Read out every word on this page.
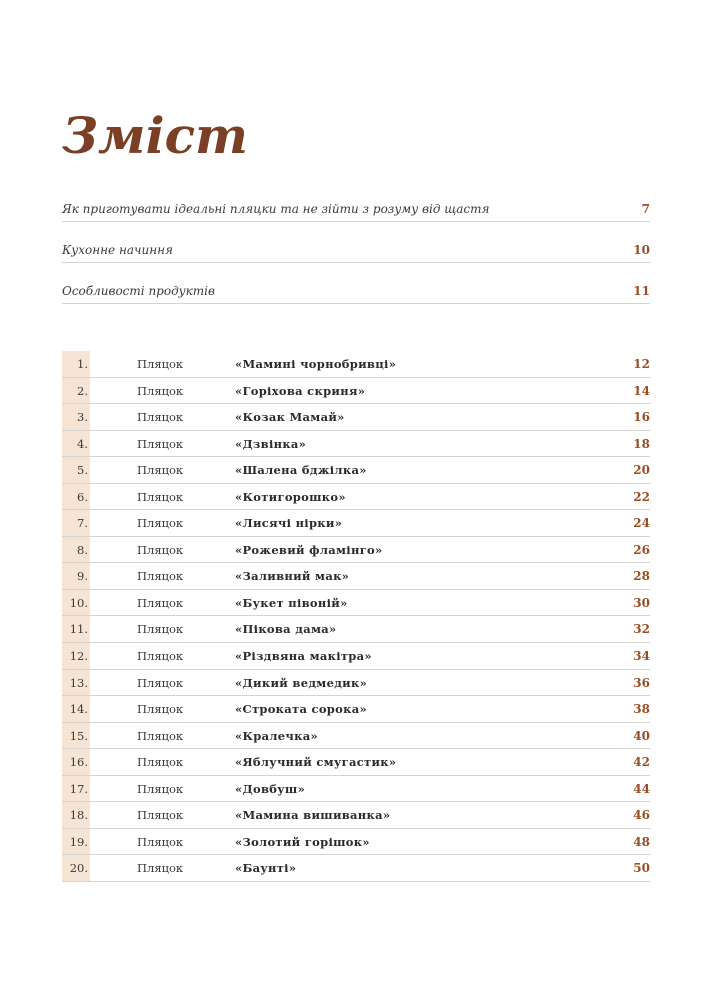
Зміст
Як приготувати ідеальні пляцки та не зійти з розуму від щастя	7
Кухонне начиння	10
Особливості продуктів	11
1.	Пляцок	«Мамині чорнобривці»	12
2.	Пляцок	«Горіхова скриня»	14
3.	Пляцок	«Козак Мамай»	16
4.	Пляцок	«Дзвінка»	18
5.	Пляцок	«Шалена бджілка»	20
6.	Пляцок	«Котигорошко»	22
7.	Пляцок	«Лисячі нірки»	24
8.	Пляцок	«Рожевий фламінго»	26
9.	Пляцок	«Заливний мак»	28
10.	Пляцок	«Букет півоній»	30
11.	Пляцок	«Пікова дама»	32
12.	Пляцок	«Різдвяна макітра»	34
13.	Пляцок	«Дикий ведмедик»	36
14.	Пляцок	«Строката сорока»	38
15.	Пляцок	«Кралечка»	40
16.	Пляцок	«Яблучний смугастик»	42
17.	Пляцок	«Довбуш»	44
18.	Пляцок	«Мамина вишиванка»	46
19.	Пляцок	«Золотий горішок»	48
20.	Пляцок	«Баунті»	50
